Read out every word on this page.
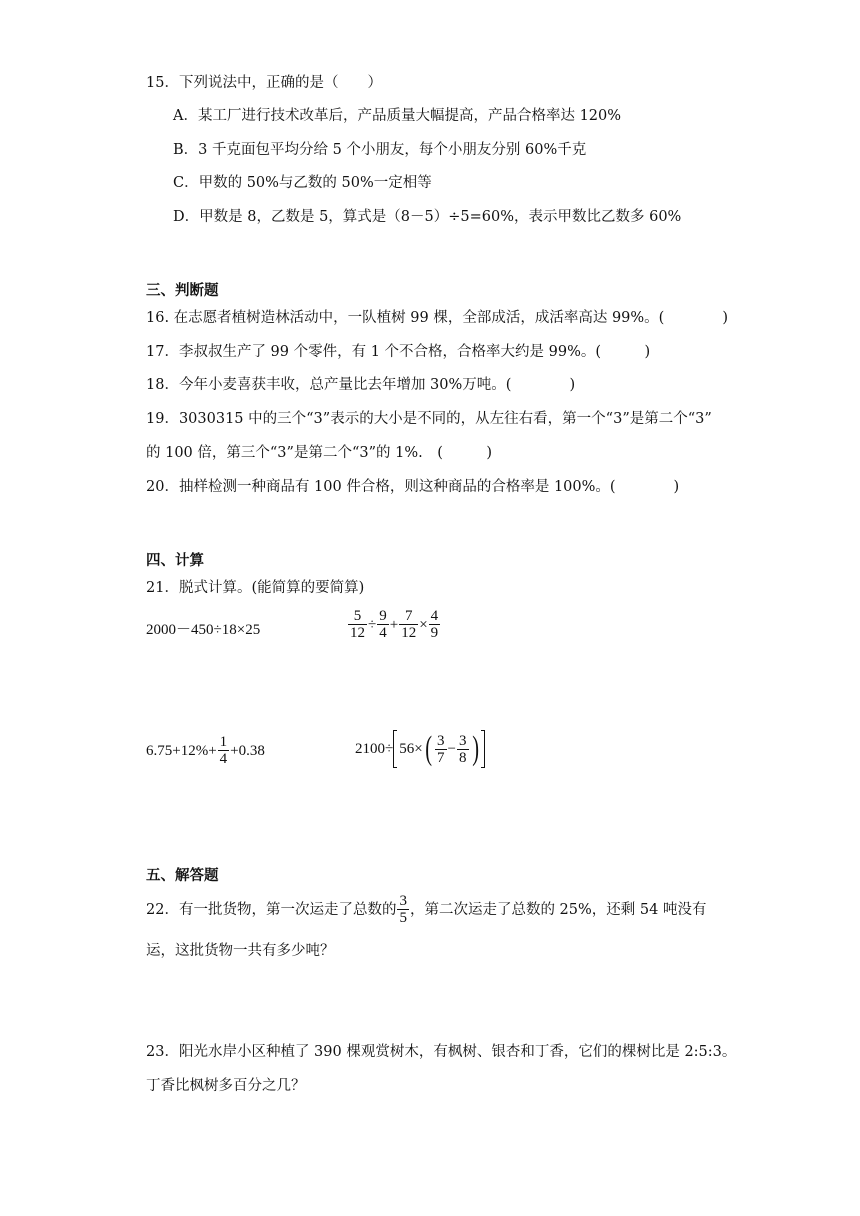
15．下列说法中，正确的是（　　）
A．某工厂进行技术改革后，产品质量大幅提高，产品合格率达 120%
B．3 千克面包平均分给 5 个小朋友，每个小朋友分别 60%千克
C．甲数的 50%与乙数的 50%一定相等
D．甲数是 8，乙数是 5，算式是（8－5）÷5=60%，表示甲数比乙数多 60%
三、判断题
16. 在志愿者植树造林活动中，一队植树 99 棵，全部成活，成活率高达 99%。(　　　　)
17．李叔叔生产了 99 个零件，有 1 个不合格，合格率大约是 99%。(　　　)
18．今年小麦喜获丰收，总产量比去年增加 30%万吨。(　　　　)
19．3030315 中的三个“3”表示的大小是不同的，从左往右看，第一个“3”是第二个“3”
的 100 倍，第三个“3”是第二个“3”的 1%.　(　　　)
20．抽样检测一种商品有 100 件合格，则这种商品的合格率是 100%。(　　　　)
四、计算
21．脱式计算。(能简算的要简算)
2000－450÷18×25	$\frac{5}{12} \div \frac{9}{4} + \frac{7}{12} \times \frac{4}{9}$
$6.75+12\%+ \frac{1}{4} +0.38$	2100÷ 56× ( $\frac{3}{7} - \frac{3}{8}$ )
五、解答题
22．有一批货物，第一次运走了总数的 $\frac{3}{5}$ ，第二次运走了总数的 25%，还剩 54 吨没有
运，这批货物一共有多少吨？
23．阳光水岸小区种植了 390 棵观赏树木，有枫树、银杏和丁香，它们的棵树比是 2:5:3。
丁香比枫树多百分之几？
